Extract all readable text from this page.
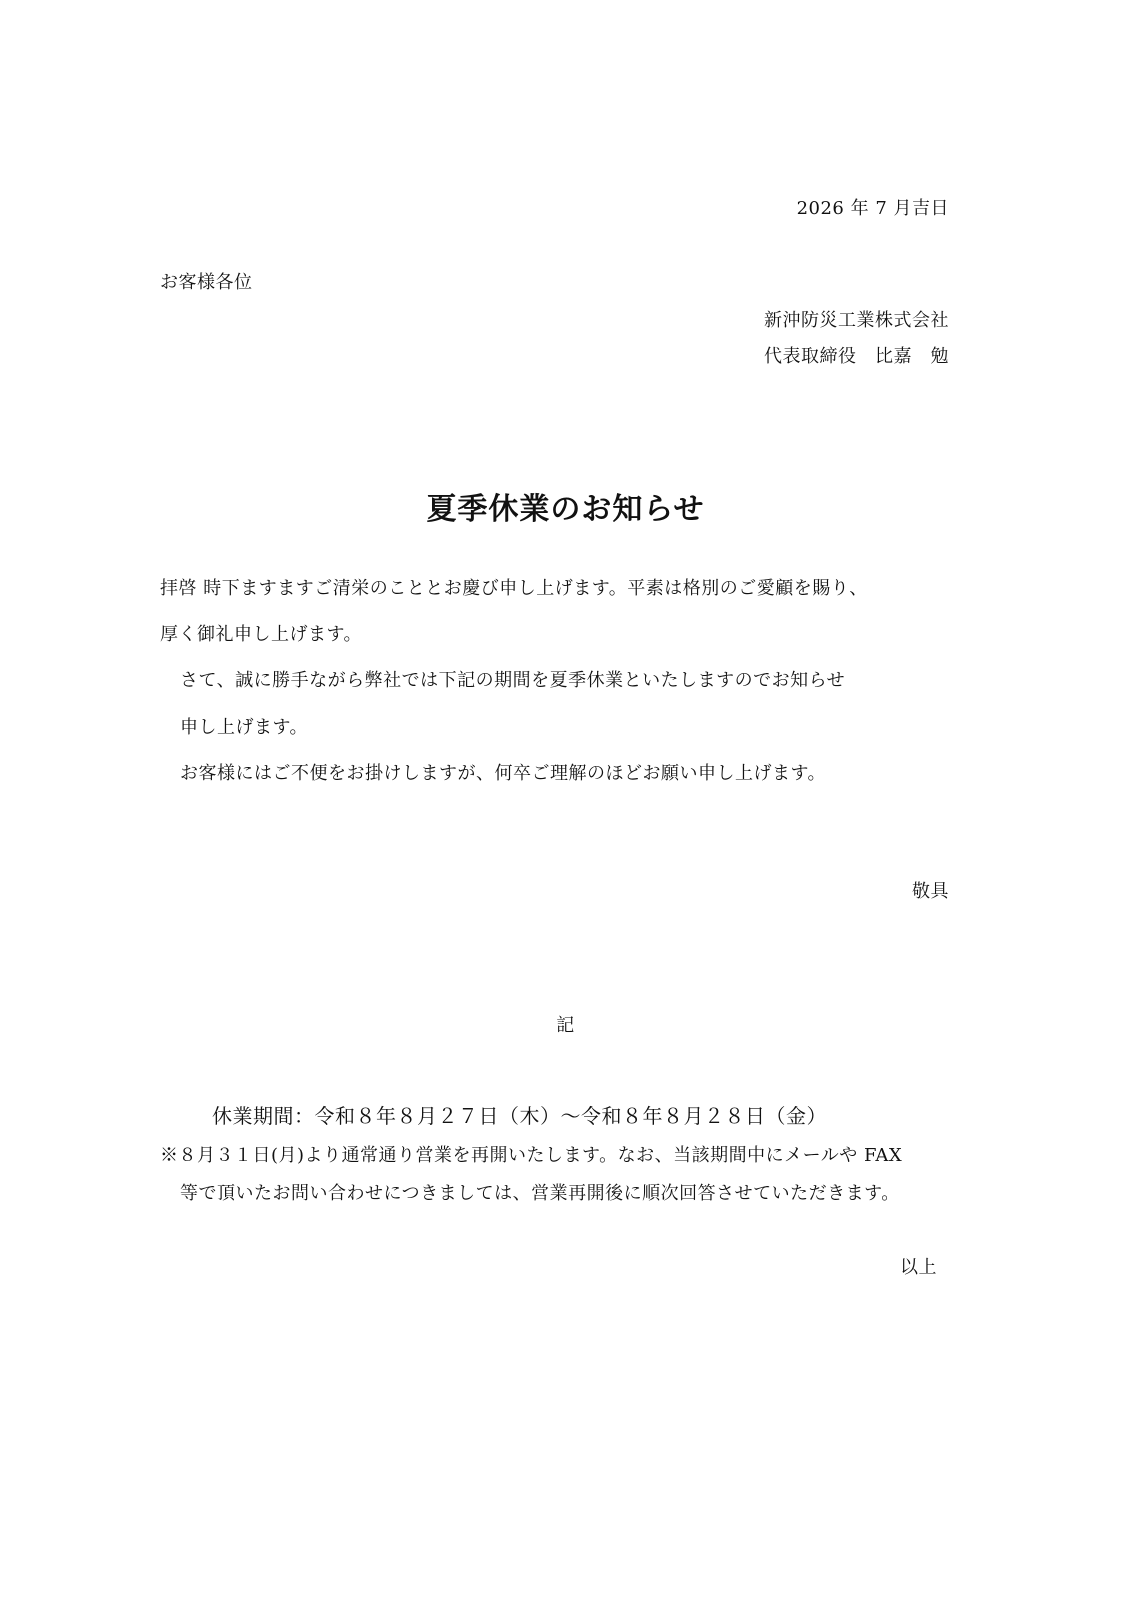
2026 年 7 月吉日
お客様各位
新沖防災工業株式会社
代表取締役　比嘉　勉
夏季休業のお知らせ
拝啓 時下ますますご清栄のこととお慶び申し上げます。平素は格別のご愛顧を賜り、
厚く御礼申し上げます。
さて、誠に勝手ながら弊社では下記の期間を夏季休業といたしますのでお知らせ
申し上げます。
お客様にはご不便をお掛けしますが、何卒ご理解のほどお願い申し上げます。
敬具
記
休業期間：令和８年８月２７日（木）～令和８年８月２８日（金）
※８月３１日(月)より通常通り営業を再開いたします。なお、当該期間中にメールや FAX
等で頂いたお問い合わせにつきましては、営業再開後に順次回答させていただきます。
以上
